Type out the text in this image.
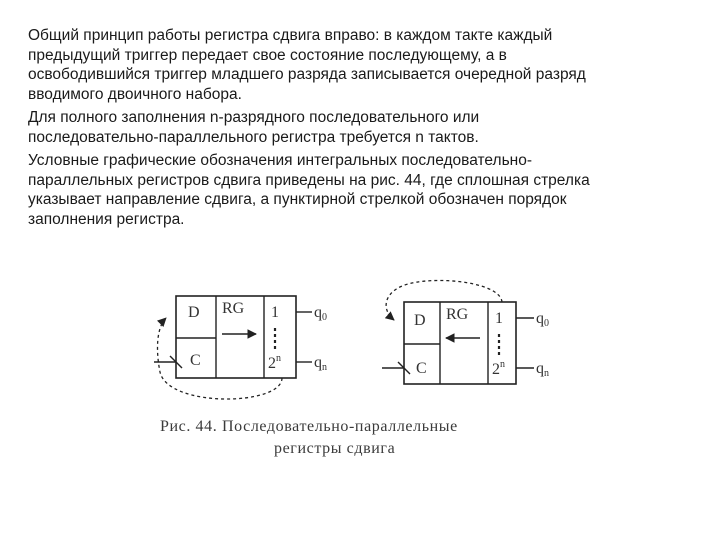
Общий принцип работы регистра сдвига вправо: в каждом такте каждый
предыдущий триггер передает свое состояние последующему, а в
освободившийся триггер младшего разряда записывается очередной разряд
вводимого двоичного набора.

Для полного заполнения n-разрядного последовательного или
последовательно-параллельного регистра требуется n тактов.

Условные графические обозначения интегральных последовательно-
параллельных регистров сдвига приведены на рис. 44, где сплошная стрелка
указывает направление сдвига, а пунктирной стрелкой обозначен порядок
заполнения регистра.

D
C
RG 1
2$^n$
q0
qn
D
C
RG 1
2$^n$
q0
qn
Рис. 44. Последовательно-параллельные
регистры сдвига
